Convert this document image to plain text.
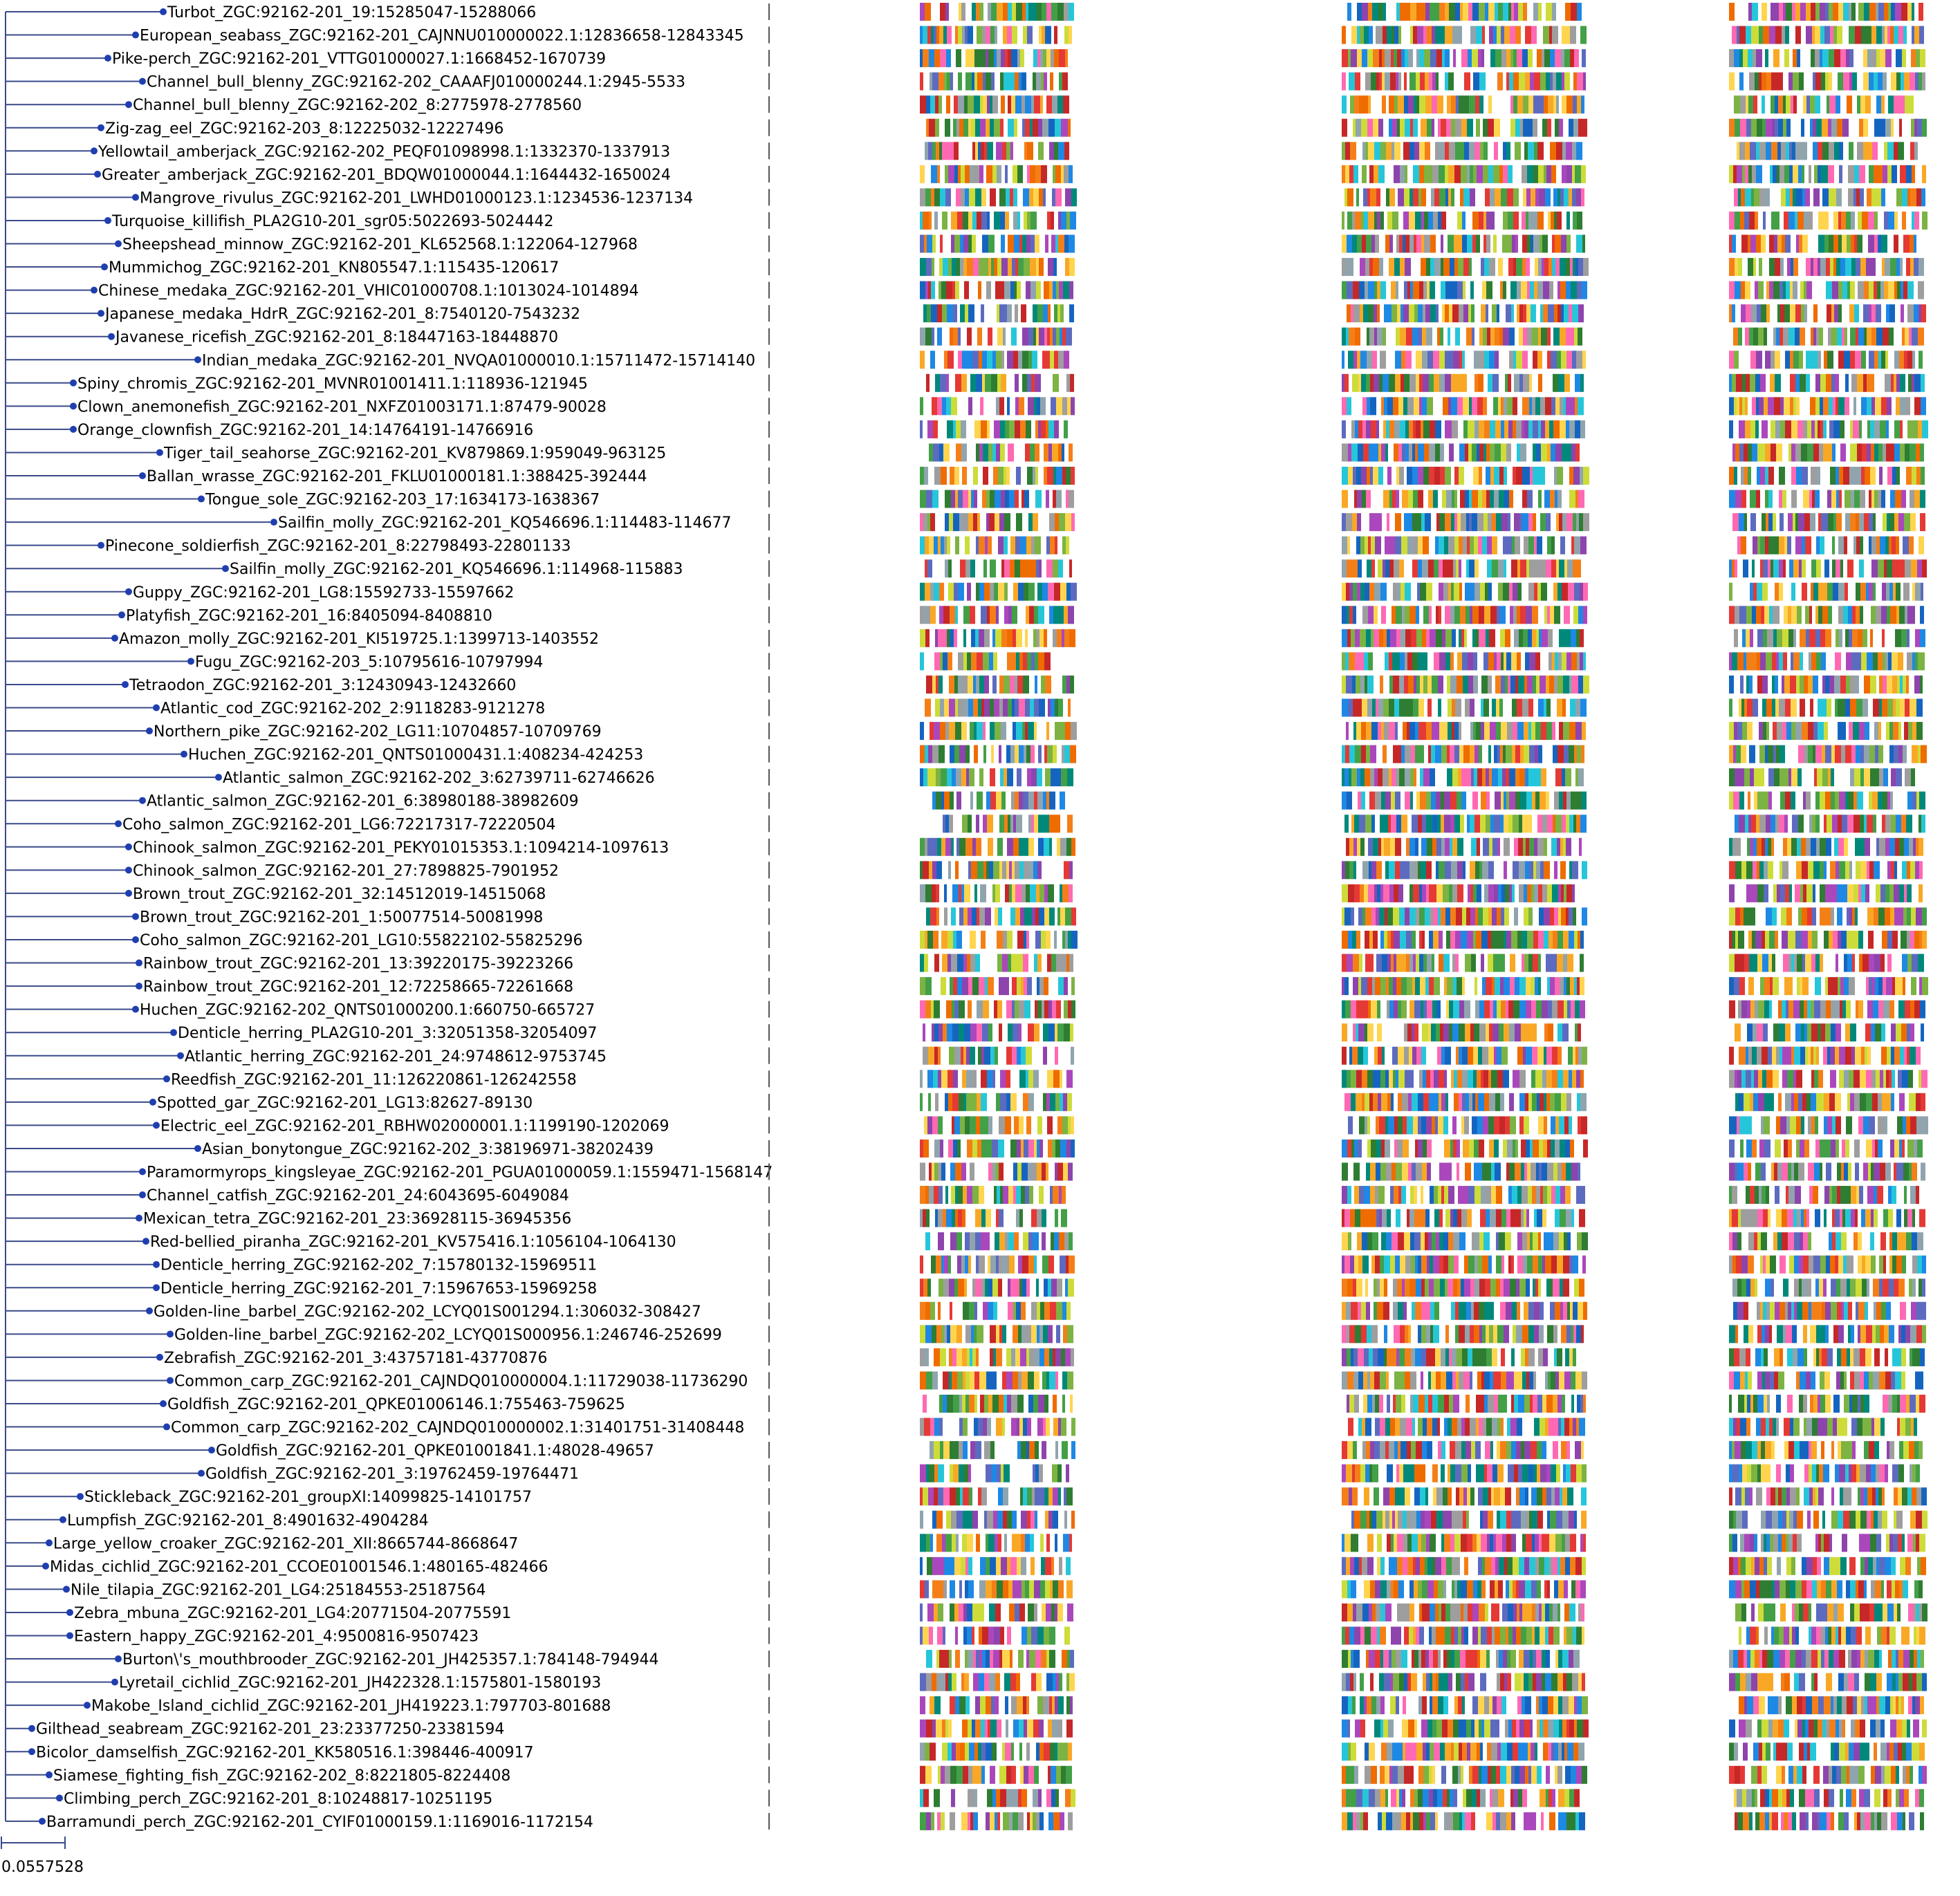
Turbot_ZGC:92162-201_19:15285047-15288066
European_seabass_ZGC:92162-201_CAJNNU010000022.1:12836658-12843345
Pike-perch_ZGC:92162-201_VTTG01000027.1:1668452-1670739
Channel_bull_blenny_ZGC:92162-202_CAAAFJ010000244.1:2945-5533
Channel_bull_blenny_ZGC:92162-202_8:2775978-2778560
Zig-zag_eel_ZGC:92162-203_8:12225032-12227496
Yellowtail_amberjack_ZGC:92162-202_PEQF01098998.1:1332370-1337913
Greater_amberjack_ZGC:92162-201_BDQW01000044.1:1644432-1650024
Mangrove_rivulus_ZGC:92162-201_LWHD01000123.1:1234536-1237134
Turquoise_killifish_PLA2G10-201_sgr05:5022693-5024442
Sheepshead_minnow_ZGC:92162-201_KL652568.1:122064-127968
Mummichog_ZGC:92162-201_KN805547.1:115435-120617
Chinese_medaka_ZGC:92162-201_VHIC01000708.1:1013024-1014894
Japanese_medaka_HdrR_ZGC:92162-201_8:7540120-7543232
Javanese_ricefish_ZGC:92162-201_8:18447163-18448870
Indian_medaka_ZGC:92162-201_NVQA01000010.1:15711472-15714140
Spiny_chromis_ZGC:92162-201_MVNR01001411.1:118936-121945
Clown_anemonefish_ZGC:92162-201_NXFZ01003171.1:87479-90028
Orange_clownfish_ZGC:92162-201_14:14764191-14766916
Tiger_tail_seahorse_ZGC:92162-201_KV879869.1:959049-963125
Ballan_wrasse_ZGC:92162-201_FKLU01000181.1:388425-392444
Tongue_sole_ZGC:92162-203_17:1634173-1638367
Sailfin_molly_ZGC:92162-201_KQ546696.1:114483-114677
Pinecone_soldierfish_ZGC:92162-201_8:22798493-22801133
Sailfin_molly_ZGC:92162-201_KQ546696.1:114968-115883
Guppy_ZGC:92162-201_LG8:15592733-15597662
Platyfish_ZGC:92162-201_16:8405094-8408810
Amazon_molly_ZGC:92162-201_KI519725.1:1399713-1403552
Fugu_ZGC:92162-203_5:10795616-10797994
Tetraodon_ZGC:92162-201_3:12430943-12432660
Atlantic_cod_ZGC:92162-202_2:9118283-9121278
Northern_pike_ZGC:92162-202_LG11:10704857-10709769
Huchen_ZGC:92162-201_QNTS01000431.1:408234-424253
Atlantic_salmon_ZGC:92162-202_3:62739711-62746626
Atlantic_salmon_ZGC:92162-201_6:38980188-38982609
Coho_salmon_ZGC:92162-201_LG6:72217317-72220504
Chinook_salmon_ZGC:92162-201_PEKY01015353.1:1094214-1097613
Chinook_salmon_ZGC:92162-201_27:7898825-7901952
Brown_trout_ZGC:92162-201_32:14512019-14515068
Brown_trout_ZGC:92162-201_1:50077514-50081998
Coho_salmon_ZGC:92162-201_LG10:55822102-55825296
Rainbow_trout_ZGC:92162-201_13:39220175-39223266
Rainbow_trout_ZGC:92162-201_12:72258665-72261668
Huchen_ZGC:92162-202_QNTS01000200.1:660750-665727
Denticle_herring_PLA2G10-201_3:32051358-32054097
Atlantic_herring_ZGC:92162-201_24:9748612-9753745
Reedfish_ZGC:92162-201_11:126220861-126242558
Spotted_gar_ZGC:92162-201_LG13:82627-89130
Electric_eel_ZGC:92162-201_RBHW02000001.1:1199190-1202069
Asian_bonytongue_ZGC:92162-202_3:38196971-38202439
Paramormyrops_kingsleyae_ZGC:92162-201_PGUA01000059.1:1559471-1568147
Channel_catfish_ZGC:92162-201_24:6043695-6049084
Mexican_tetra_ZGC:92162-201_23:36928115-36945356
Red-bellied_piranha_ZGC:92162-201_KV575416.1:1056104-1064130
Denticle_herring_ZGC:92162-202_7:15780132-15969511
Denticle_herring_ZGC:92162-201_7:15967653-15969258
Golden-line_barbel_ZGC:92162-202_LCYQ01S001294.1:306032-308427
Golden-line_barbel_ZGC:92162-202_LCYQ01S000956.1:246746-252699
Zebrafish_ZGC:92162-201_3:43757181-43770876
Common_carp_ZGC:92162-201_CAJNDQ010000004.1:11729038-11736290
Goldfish_ZGC:92162-201_QPKE01006146.1:755463-759625
Common_carp_ZGC:92162-202_CAJNDQ010000002.1:31401751-31408448
Goldfish_ZGC:92162-201_QPKE01001841.1:48028-49657
Goldfish_ZGC:92162-201_3:19762459-19764471
Stickleback_ZGC:92162-201_groupXI:14099825-14101757
Lumpfish_ZGC:92162-201_8:4901632-4904284
Large_yellow_croaker_ZGC:92162-201_XII:8665744-8668647
Midas_cichlid_ZGC:92162-201_CCOE01001546.1:480165-482466
Nile_tilapia_ZGC:92162-201_LG4:25184553-25187564
Zebra_mbuna_ZGC:92162-201_LG4:20771504-20775591
Eastern_happy_ZGC:92162-201_4:9500816-9507423
Burton\'s_mouthbrooder_ZGC:92162-201_JH425357.1:784148-794944
Lyretail_cichlid_ZGC:92162-201_JH422328.1:1575801-1580193
Makobe_Island_cichlid_ZGC:92162-201_JH419223.1:797703-801688
Gilthead_seabream_ZGC:92162-201_23:23377250-23381594
Bicolor_damselfish_ZGC:92162-201_KK580516.1:398446-400917
Siamese_fighting_fish_ZGC:92162-202_8:8221805-8224408
Climbing_perch_ZGC:92162-201_8:10248817-10251195
Barramundi_perch_ZGC:92162-201_CYIF01000159.1:1169016-1172154
0.0557528
